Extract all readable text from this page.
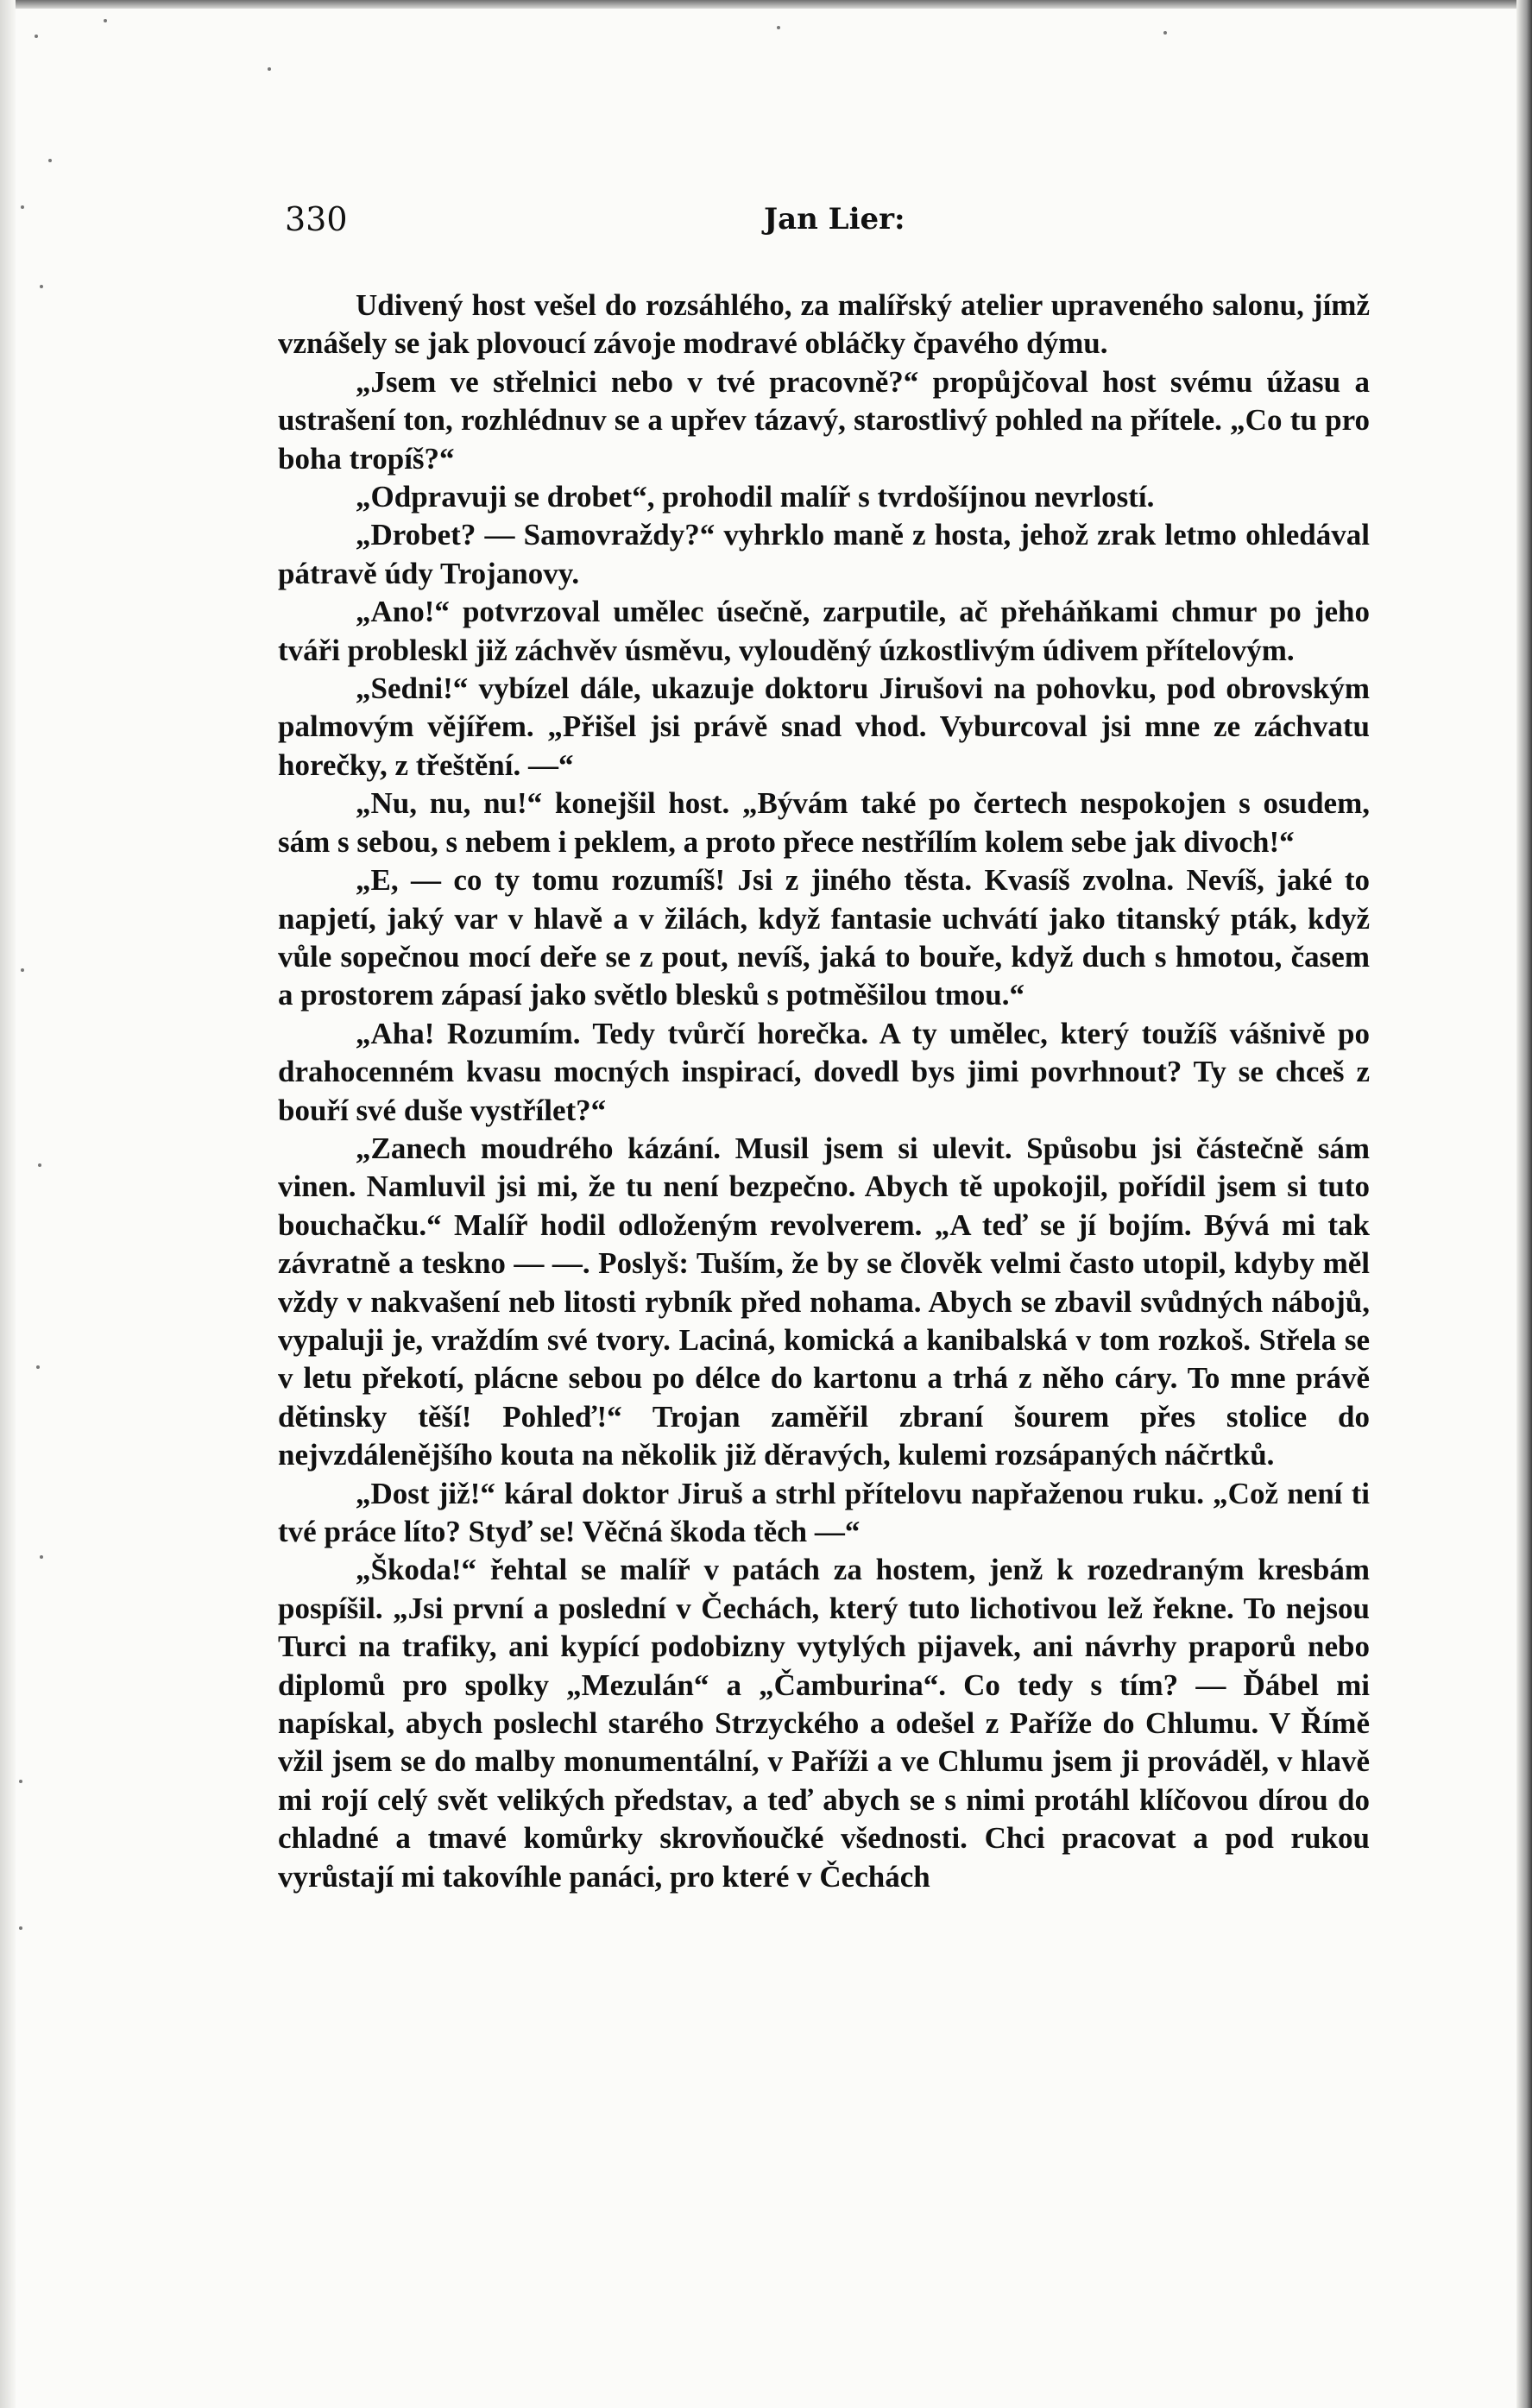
330	Jan Lier:

Udivený host vešel do rozsáhlého, za malířský atelier upraveného salonu, jímž vznášely se jak plovoucí závoje modravé obláčky čpavého dýmu.

„Jsem ve střelnici nebo v tvé pracovně?“ propůjčoval host svému úžasu a ustrašení ton, rozhlédnuv se a upřev tázavý, starostlivý pohled na přítele. „Co tu pro boha tropíš?“

„Odpravuji se drobet“, prohodil malíř s tvrdošíjnou nevrlostí.

„Drobet? — Samovraždy?“ vyhrklo maně z hosta, jehož zrak letmo ohledával pátravě údy Trojanovy.

„Ano!“ potvrzoval umělec úsečně, zarputile, ač přeháňkami chmur po jeho tváři probleskl již záchvěv úsměvu, vylouděný úzkostlivým údivem přítelovým.

„Sedni!“ vybízel dále, ukazuje doktoru Jirušovi na pohovku, pod obrovským palmovým vějířem. „Přišel jsi právě snad vhod. Vyburcoval jsi mne ze záchvatu horečky, z třeštění. —“

„Nu, nu, nu!“ konejšil host. „Bývám také po čertech nespokojen s osudem, sám s sebou, s nebem i peklem, a proto přece nestřílím kolem sebe jak divoch!“

„E, — co ty tomu rozumíš! Jsi z jiného těsta. Kvasíš zvolna. Nevíš, jaké to napjetí, jaký var v hlavě a v žilách, když fantasie uchvátí jako titanský pták, když vůle sopečnou mocí deře se z pout, nevíš, jaká to bouře, když duch s hmotou, časem a prostorem zápasí jako světlo blesků s potměšilou tmou.“

„Aha! Rozumím. Tedy tvůrčí horečka. A ty umělec, který toužíš vášnivě po drahocenném kvasu mocných inspirací, dovedl bys jimi povrhnout? Ty se chceš z bouří své duše vystřílet?“

„Zanech moudrého kázání. Musil jsem si ulevit. Spůsobu jsi částečně sám vinen. Namluvil jsi mi, že tu není bezpečno. Abych tě upokojil, pořídil jsem si tuto bouchačku.“ Malíř hodil odloženým revolverem. „A teď se jí bojím. Bývá mi tak závratně a teskno — —. Poslyš: Tuším, že by se člověk velmi často utopil, kdyby měl vždy v nakvašení neb litosti rybník před nohama. Abych se zbavil svůdných nábojů, vypaluji je, vraždím své tvory. Laciná, komická a kanibalská v tom rozkoš. Střela se v letu překotí, plácne sebou po délce do kartonu a trhá z něho cáry. To mne právě dětinsky těší! Pohleď!“ Trojan zaměřil zbraní šourem přes stolice do nejvzdálenějšího kouta na několik již děravých, kulemi rozsápaných náčrtků.

„Dost již!“ káral doktor Jiruš a strhl přítelovu napřaženou ruku. „Což není ti tvé práce líto? Styď se! Věčná škoda těch —“

„Škoda!“ řehtal se malíř v patách za hostem, jenž k rozedraným kresbám pospíšil. „Jsi první a poslední v Čechách, který tuto lichotivou lež řekne. To nejsou Turci na trafiky, ani kypící podobizny vytylých pijavek, ani návrhy praporů nebo diplomů pro spolky „Mezulán“ a „Čamburina“. Co tedy s tím? — Ďábel mi napískal, abych poslechl starého Strzyckého a odešel z Paříže do Chlumu. V Římě vžil jsem se do malby monumentální, v Paříži a ve Chlumu jsem ji prováděl, v hlavě mi rojí celý svět velikých představ, a teď abych se s nimi protáhl klíčovou dírou do chladné a tmavé komůrky skrovňoučké všednosti. Chci pracovat a pod rukou vyrůstají mi takovíhle panáci, pro které v Čechách
